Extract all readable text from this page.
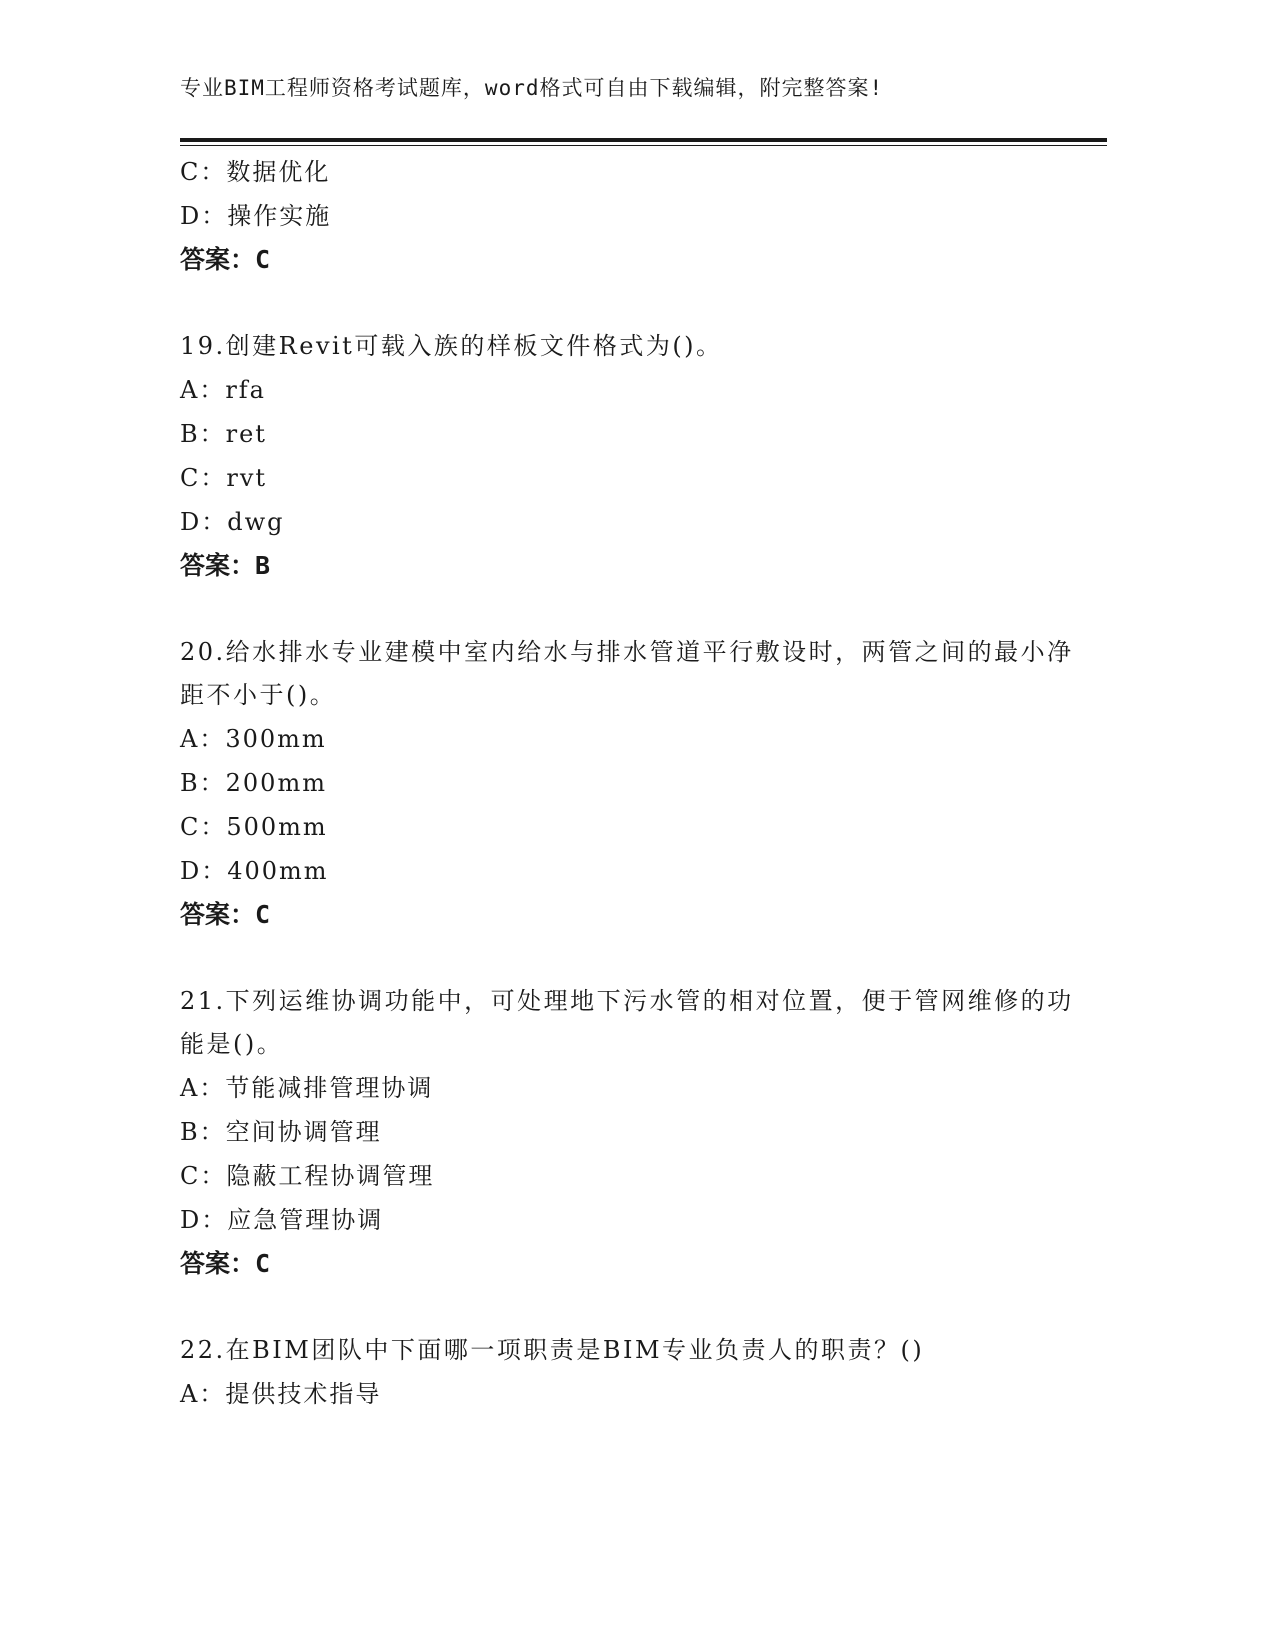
专业BIM工程师资格考试题库，word格式可自由下载编辑，附完整答案!
C：数据优化
D：操作实施
答案：C
19.创建Revit可载入族的样板文件格式为()。
A：rfa
B：ret
C：rvt
D：dwg
答案：B
20.给水排水专业建模中室内给水与排水管道平行敷设时，两管之间的最小净距不小于()。
A：300mm
B：200mm
C：500mm
D：400mm
答案：C
21.下列运维协调功能中，可处理地下污水管的相对位置，便于管网维修的功能是()。
A：节能减排管理协调
B：空间协调管理
C：隐蔽工程协调管理
D：应急管理协调
答案：C
22.在BIM团队中下面哪一项职责是BIM专业负责人的职责？()
A：提供技术指导
